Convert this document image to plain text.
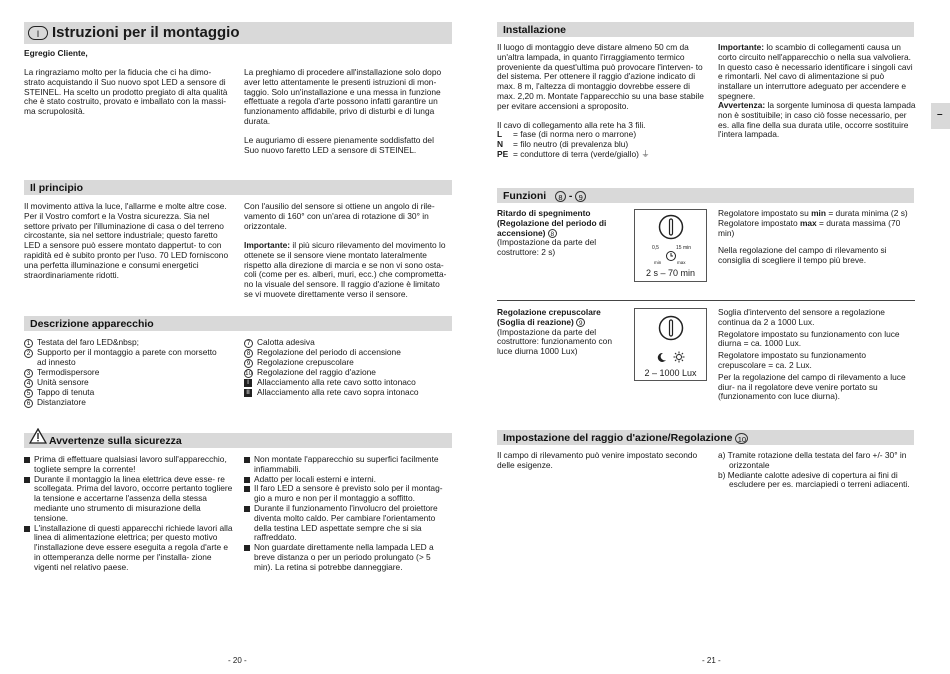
I Istruzioni per il montaggio
Egregio Cliente,

La ringraziamo molto per la fiducia che ci ha dimo- strato acquistando il Suo nuovo spot LED a sensore di STEINEL. Ha scelto un prodotto pregiato di alta qualità che è stato costruito, provato e imballato con la massi- ma scrupolosità.

La preghiamo di procedere all'installazione solo dopo aver letto attentamente le presenti istruzioni di mon- taggio. Solo un'installazione e una messa in funzione effettuate a regola d'arte possono infatti garantire un funzionamento affidabile, privo di disturbi e di lunga durata.

Le auguriamo di essere pienamente soddisfatto del Suo nuovo faretto LED a sensore di STEINEL.

Il principio

Il movimento attiva la luce, l'allarme e molte altre cose. Per il Vostro comfort e la Vostra sicurezza. Sia nel settore privato per l'illuminazione di casa o del terreno circostante, sia nel settore industriale; questo faretto LED a sensore può essere montato dappertut- to con rapidità ed è subito pronto per l'uso. 70 LED forniscono una perfetta illuminazione e consumi energetici straordinariamente ridotti.

Con l'ausilio del sensore si ottiene un angolo di rile- vamento di 160° con un'area di rotazione di 30° in orizzontale.

Importante: il più sicuro rilevamento del movimento lo ottenete se il sensore viene montato lateralmente rispetto alla direzione di marcia e se non vi sono osta- coli (come per es. alberi, muri, ecc.) che comprometta- no la visuale del sensore. Il raggio d'azione è limitato se vi muovete direttamente verso il sensore.

Descrizione apparecchio
1 Testata del faro LED&nbsp;
2 Supporto per il montaggio a parete con morsetto
ad innesto
3 Termodispersore
4 Unità sensore
5 Tappo di tenuta
6 Distanziatore
7 Calotta adesiva
8 Regolazione del periodo di accensione
9 Regolazione crepuscolare
10 Regolazione del raggio d'azione
I Allacciamento alla rete cavo sotto intonaco
II Allacciamento alla rete cavo sopra intonaco
Avvertenze sulla sicurezza
Prima di effettuare qualsiasi lavoro sull'apparecchio, togliete sempre la corrente!
Durante il montaggio la linea elettrica deve esse- re scollegata. Prima del lavoro, occorre pertanto togliere la tensione e accertarne l'assenza della stessa mediante uno strumento di misurazione della tensione.
L'installazione di questi apparecchi richiede lavori alla linea di alimentazione elettrica; per questo motivo l'installazione deve essere eseguita a regola d'arte e in ottemperanza delle norme per l'installa- zione vigenti nel relativo paese.
Non montate l'apparecchio su superfici facilmente infiammabili.
Adatto per locali esterni e interni.
Il faro LED a sensore è previsto solo per il montag- gio a muro e non per il montaggio a soffitto.
Durante il funzionamento l'involucro del proiettore diventa molto caldo. Per cambiare l'orientamento della testina LED aspettate sempre che si sia raffreddato.
Non guardate direttamente nella lampada LED a breve distanza o per un periodo prolungato (> 5 min). La retina si potrebbe danneggiare.
- 20 -
Installazione

Il luogo di montaggio deve distare almeno 50 cm da un'altra lampada, in quanto l'irraggiamento termico proveniente da quest'ultima può provocare l'interven- to del sistema. Per ottenere il raggio d'azione indicato di max. 8 m, l'altezza di montaggio dovrebbe essere di max. 2,20 m. Montate l'apparecchio su una base stabile per evitare accensioni a sproposito.

Il cavo di collegamento alla rete ha 3 fili.

L	= fase (di norma nero o marrone)
N	= filo neutro (di prevalenza blu)
PE = conduttore di terra (verde/giallo) ⏚

Importante: lo scambio di collegamenti causa un corto circuito nell'apparecchio o nella sua valvoliera. In questo caso è necessario identificare i singoli cavi e rimontarli. Nel cavo di alimentazione si può installare un interruttore adeguato per accendere e spegnere.

Avvertenza: la sorgente luminosa di questa lampada non è sostituibile; in caso ciò fosse necessario, per es. alla fine della sua durata utile, occorre sostituire l'intera lampada.

–
Funzioni 8 - 9
Ritardo di spegnimento (Regolazione del periodo di accensione) 8
(Impostazione da parte del costruttore: 2 s)	0,5	15 min
min	max
2 s – 70 min
Regolatore impostato su min = durata minima (2 s)
Regolatore impostato max = durata massima (70 min)

Nella regolazione del campo di rilevamento si consiglia di scegliere il tempo più breve.

Regolazione crepuscolare
(Soglia di reazione) 9
(Impostazione da parte del costruttore: funzionamento con luce diurna 1000 Lux)
2 – 1000 Lux

Soglia d'intervento del sensore a regolazione continua da 2 a 1000 Lux.

Regolatore impostato su funzionamento con luce diurna = ca. 1000 Lux.

Regolatore impostato su funzionamento crepuscolare = ca. 2 Lux.

Per la regolazione del campo di rilevamento a luce diur- na il regolatore deve venire portato su (funzionamento con luce diurna).

Impostazione del raggio d'azione/Regolazione 10

Il campo di rilevamento può venire impostato secondo delle esigenze.

a) Tramite rotazione della testata del faro +/- 30° in orizzontale

b) Mediante calotte adesive di copertura ai fini di escludere per es. marciapiedi o terreni adiacenti.

- 21 -
